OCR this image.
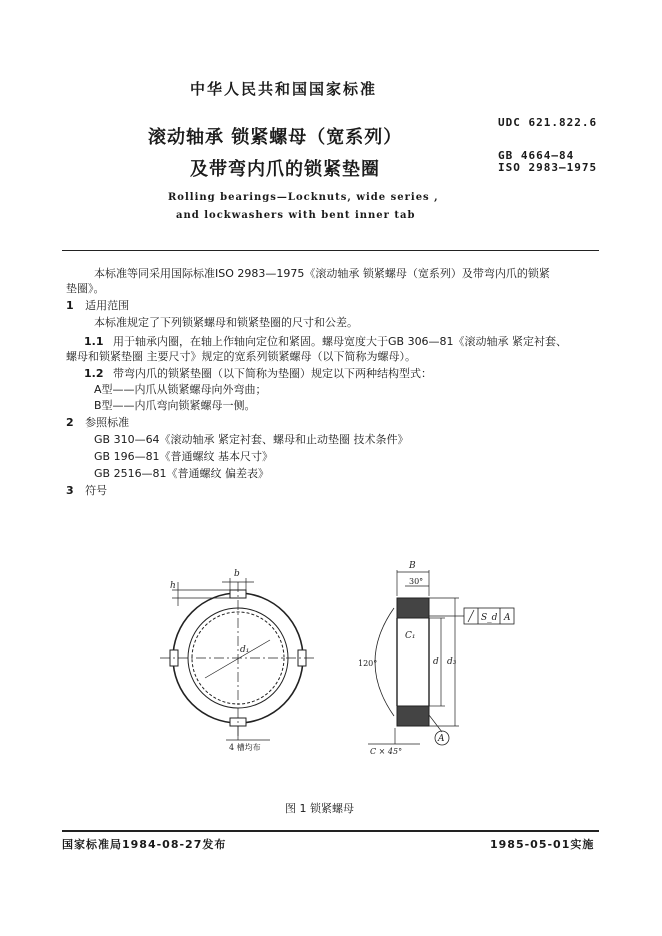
中华人民共和国国家标准
UDC 621.822.6
滚动轴承 锁紧螺母（宽系列）
及带弯内爪的锁紧垫圈
GB 4664—84
ISO 2983—1975
Rolling bearings—Locknuts, wide series ,
and lockwashers with bent inner tab
本标准等同采用国际标准ISO 2983—1975《滚动轴承 锁紧螺母（宽系列）及带弯内爪的锁紧
垫圈》。
1 适用范围
本标准规定了下列锁紧螺母和锁紧垫圈的尺寸和公差。
1.1 用于轴承内圈，在轴上作轴向定位和紧固。螺母宽度大于GB 306—81《滚动轴承 紧定衬套、
螺母和锁紧垫圈 主要尺寸》规定的宽系列锁紧螺母（以下简称为螺母）。
1.2 带弯内爪的锁紧垫圈（以下简称为垫圈）规定以下两种结构型式：
A型——内爪从锁紧螺母向外弯曲；
B型——内爪弯向锁紧螺母一侧。
2 参照标准
GB 310—64《滚动轴承 紧定衬套、螺母和止动垫圈 技术条件》
GB 196—81《普通螺纹 基本尺寸》
GB 2516—81《普通螺纹 偏差表》
3 符号
b
h
d₁
4 槽均布
B
30°
120°
C₁
d d₃
C × 45°
A
S_d A
图 1 锁紧螺母
国家标准局1984-08-27发布	1985-05-01实施
